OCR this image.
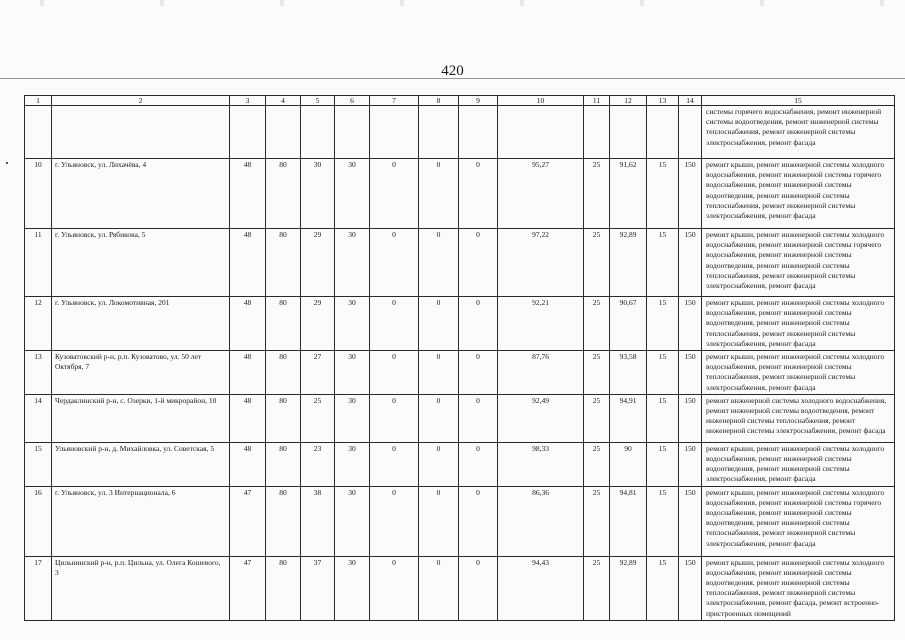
420
1	2	3	4	5	6	7	8	9	10	11	12	13	14	15
														системы горячего водоснабжения, ремонт инженерной системы водоотведения, ремонт инженерной системы теплоснабжения, ремонт инженерной системы электроснабжения, ремонт фасада
10	г. Ульяновск, ул. Лихачёва, 4	48	80	30	30	0	0	0	95,27	25	91,62	15	150	ремонт крыши, ремонт инженерной системы холодного водоснабжения, ремонт инженерной системы горячего водоснабжения, ремонт инженерной системы водоотведения, ремонт инженерной системы теплоснабжения, ремонт инженерной системы электроснабжения, ремонт фасада
11	г. Ульяновск, ул. Рябикова, 5	48	80	29	30	0	0	0	97,22	25	92,89	15	150	ремонт крыши, ремонт инженерной системы холодного водоснабжения, ремонт инженерной системы горячего водоснабжения, ремонт инженерной системы водоотведения, ремонт инженерной системы теплоснабжения, ремонт инженерной системы электроснабжения, ремонт фасада
12	г. Ульяновск, ул. Локомотивная, 201	48	80	29	30	0	0	0	92,21	25	90,67	15	150	ремонт крыши, ремонт инженерной системы холодного водоснабжения, ремонт инженерной системы водоотведения, ремонт инженерной системы теплоснабжения, ремонт инженерной системы электроснабжения, ремонт фасада
13	Кузоватовский р-н, р.п. Кузоватово, ул. 50 лет Октября, 7	48	80	27	30	0	0	0	87,76	25	93,58	15	150	ремонт крыши, ремонт инженерной системы холодного водоснабжения, ремонт инженерной системы теплоснабжения, ремонт инженерной системы электроснабжения, ремонт фасада
14	Чердаклинский р-н, с. Озерки, 1-й микрорайон, 10	48	80	25	30	0	0	0	92,49	25	94,91	15	150	ремонт инженерной системы холодного водоснабжения, ремонт инженерной системы водоотведения, ремонт инженерной системы теплоснабжения, ремонт инженерной системы электроснабжения, ремонт фасада
15	Ульяновский р-н, д. Михайловка, ул. Советская, 5	48	80	23	30	0	0	0	98,33	25	90	15	150	ремонт крыши, ремонт инженерной системы холодного водоснабжения, ремонт инженерной системы водоотведения, ремонт инженерной системы электроснабжения, ремонт фасада
16	г. Ульяновск, ул. 3 Интернационала, 6	47	80	38	30	0	0	0	86,36	25	94,81	15	150	ремонт крыши, ремонт инженерной системы холодного водоснабжения, ремонт инженерной системы горячего водоснабжения, ремонт инженерной системы водоотведения, ремонт инженерной системы теплоснабжения, ремонт инженерной системы электроснабжения, ремонт фасада
17	Цильнинский р-н, р.п. Цильна, ул. Олега Кошевого, 3	47	80	37	30	0	0	0	94,43	25	92,89	15	150	ремонт крыши, ремонт инженерной системы холодного водоснабжения, ремонт инженерной системы водоотведения, ремонт инженерной системы теплоснабжения, ремонт инженерной системы электроснабжения, ремонт фасада, ремонт встроенно-пристроенных помещений
